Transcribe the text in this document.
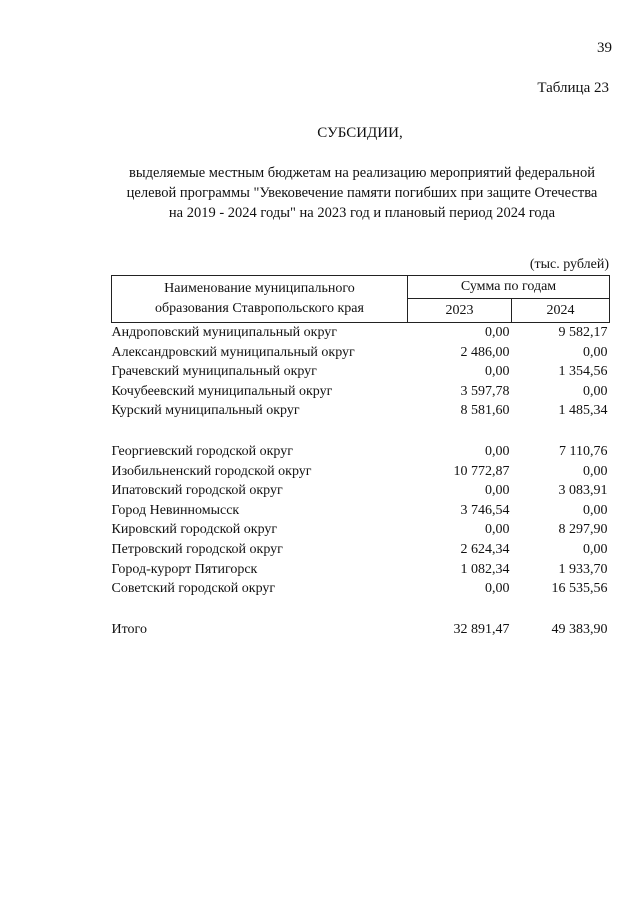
39
Таблица 23
СУБСИДИИ,
выделяемые местным бюджетам на реализацию мероприятий федеральной
целевой программы "Увековечение памяти погибших при защите Отечества
на 2019 - 2024 годы" на 2023 год и плановый период 2024 года
(тыс. рублей)
Наименование муниципального
образования Ставропольского края	Сумма по годам	
	2023	2024
Андроповский муниципальный округ	0,00	9 582,17
Александровский муниципальный округ	2 486,00	0,00
Грачевский муниципальный округ	0,00	1 354,56
Кочубеевский муниципальный округ	3 597,78	0,00
Курский муниципальный округ	8 581,60	1 485,34

Георгиевский городской округ	0,00	7 110,76
Изобильненский городской округ	10 772,87	0,00
Ипатовский городской округ	0,00	3 083,91
Город Невинномысск	3 746,54	0,00
Кировский городской округ	0,00	8 297,90
Петровский городской округ	2 624,34	0,00
Город-курорт Пятигорск	1 082,34	1 933,70
Советский городской округ	0,00	16 535,56

Итого	32 891,47	49 383,90
